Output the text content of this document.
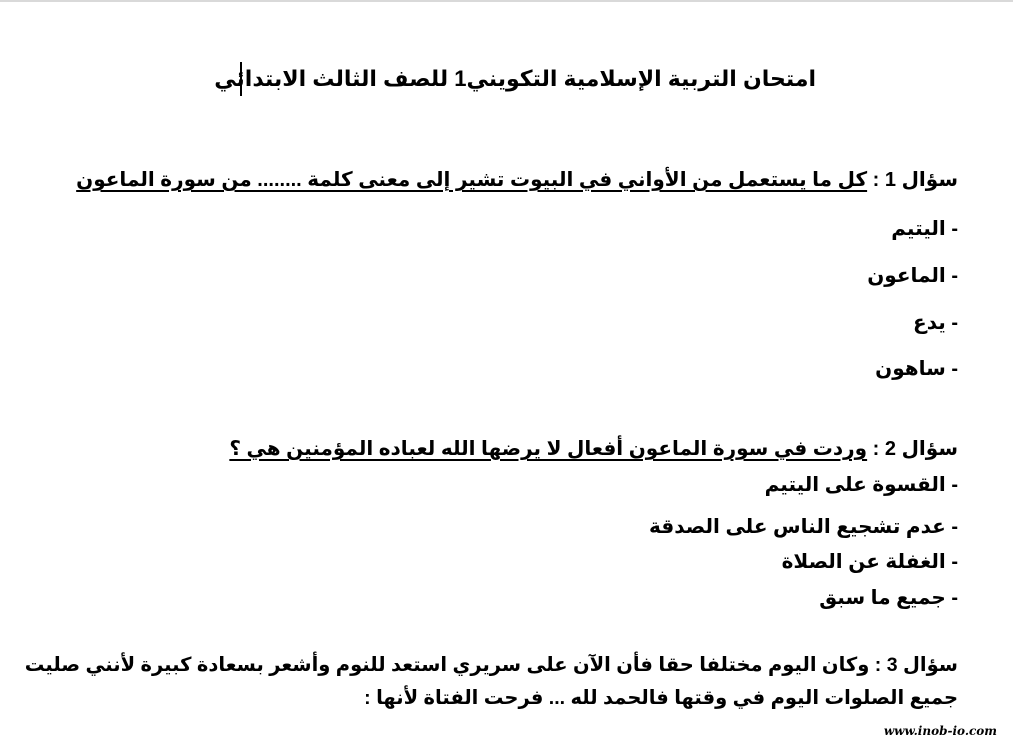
امتحان التربية الإسلامية التكويني1 للصف الثالث الابتدائي
سؤال 1 : كل ما يستعمل من الأواني في البيوت تشير إلى معنى كلمة ........ من سورة الماعون
- اليتيم
- الماعون
- يدع
- ساهون
سؤال 2 : وردت في سورة الماعون أفعال لا يرضها الله لعباده المؤمنين هي ؟
- القسوة على اليتيم
- عدم تشجيع الناس على الصدقة
- الغفلة عن الصلاة
- جميع ما سبق
سؤال 3 : وكان اليوم مختلفا حقا فأن الآن على سريري استعد للنوم وأشعر بسعادة كبيرة لأنني صليت
جميع الصلوات اليوم في وقتها فالحمد لله ... فرحت الفتاة لأنها :
www.inob-io.com
